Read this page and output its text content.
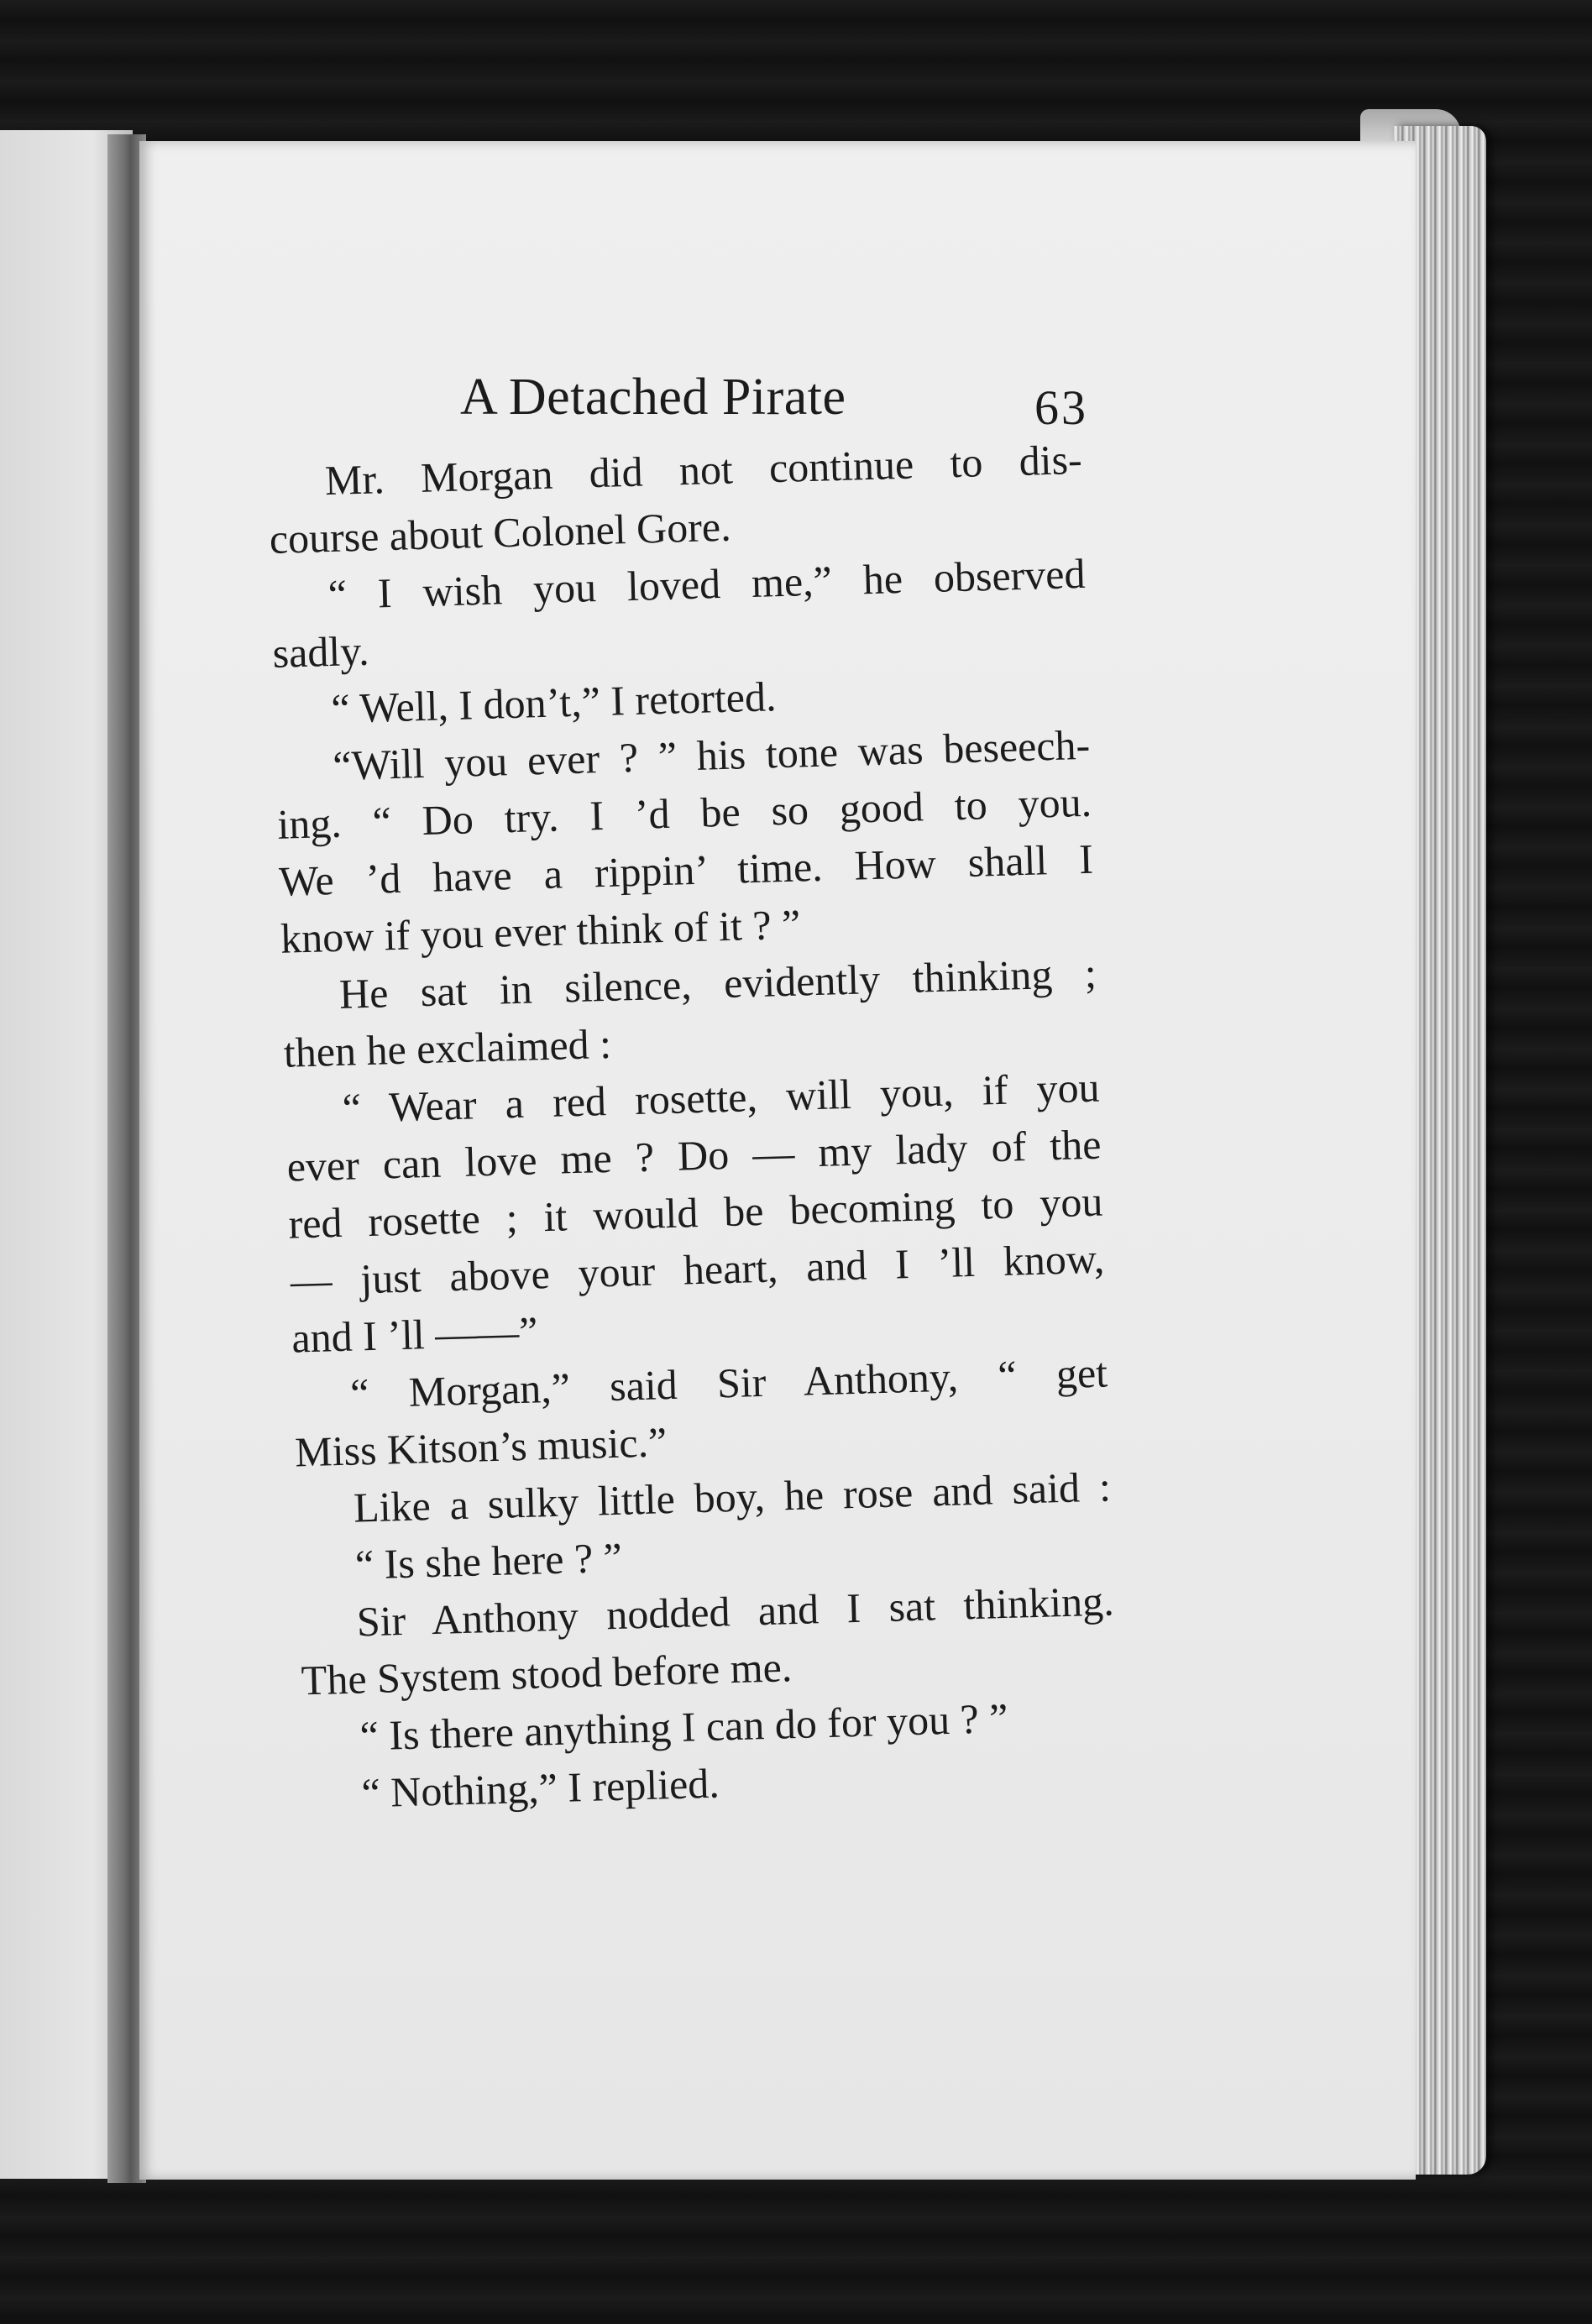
A Detached Pirate	63
Mr. Morgan did not continue to dis-
course about Colonel Gore.
“ I wish you loved me,” he observed
sadly.
“ Well, I don’t,” I retorted.
“Will you ever ? ” his tone was beseech-
ing. “ Do try. I ’d be so good to you.
We ’d have a rippin’ time. How shall I
know if you ever think of it ? ”
He sat in silence, evidently thinking ;
then he exclaimed :
“ Wear a red rosette, will you, if you
ever can love me ? Do — my lady of the
red rosette ; it would be becoming to you
— just above your heart, and I ’ll know,
and I ’ll ——”
“ Morgan,” said Sir Anthony, “ get
Miss Kitson’s music.”
Like a sulky little boy, he rose and said :
“ Is she here ? ”
Sir Anthony nodded and I sat thinking.
The System stood before me.
“ Is there anything I can do for you ? ”
“ Nothing,” I replied.
